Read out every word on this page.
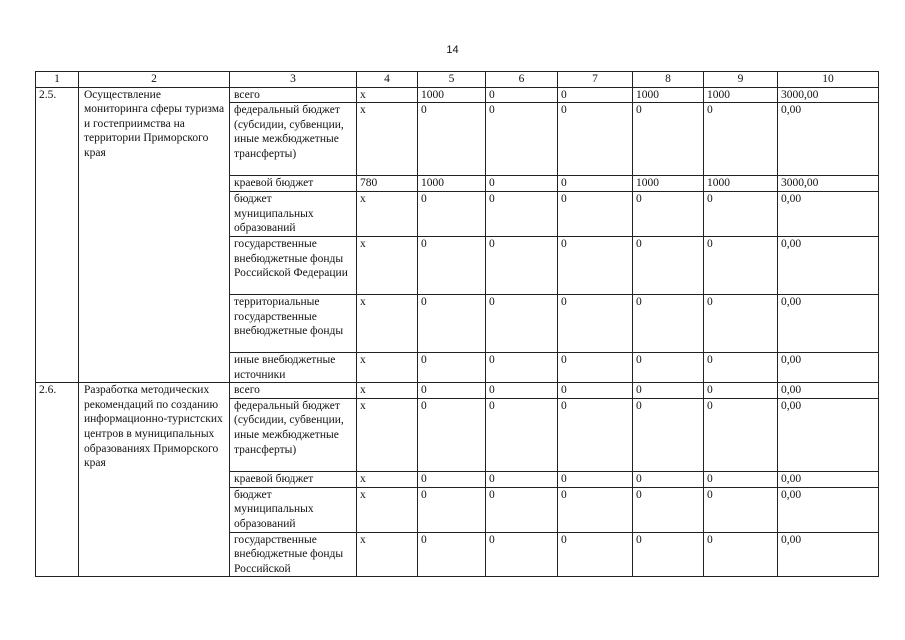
14
1	2	3	4	5	6	7	8	9	10
2.5.	Осуществление мониторинга сферы туризма и гостеприимства на территории Приморского края	всего	х	1000	0	0	1000	1000	3000,00
		федеральный бюджет (субсидии, субвенции, иные межбюджетные трансферты)	х	0	0	0	0	0	0,00
		краевой бюджет	780	1000	0	0	1000	1000	3000,00
		бюджет муниципальных образований	х	0	0	0	0	0	0,00
		государственные внебюджетные фонды Российской Федерации	х	0	0	0	0	0	0,00
		территориальные государственные внебюджетные фонды	х	0	0	0	0	0	0,00
		иные внебюджетные источники	х	0	0	0	0	0	0,00
2.6.	Разработка методических рекомендаций по созданию информационно-туристских центров в муниципальных образованиях Приморского края	всего	х	0	0	0	0	0	0,00
		федеральный бюджет (субсидии, субвенции, иные межбюджетные трансферты)	х	0	0	0	0	0	0,00
		краевой бюджет	х	0	0	0	0	0	0,00
		бюджет муниципальных образований	х	0	0	0	0	0	0,00
		государственные внебюджетные фонды Российской	х	0	0	0	0	0	0,00
